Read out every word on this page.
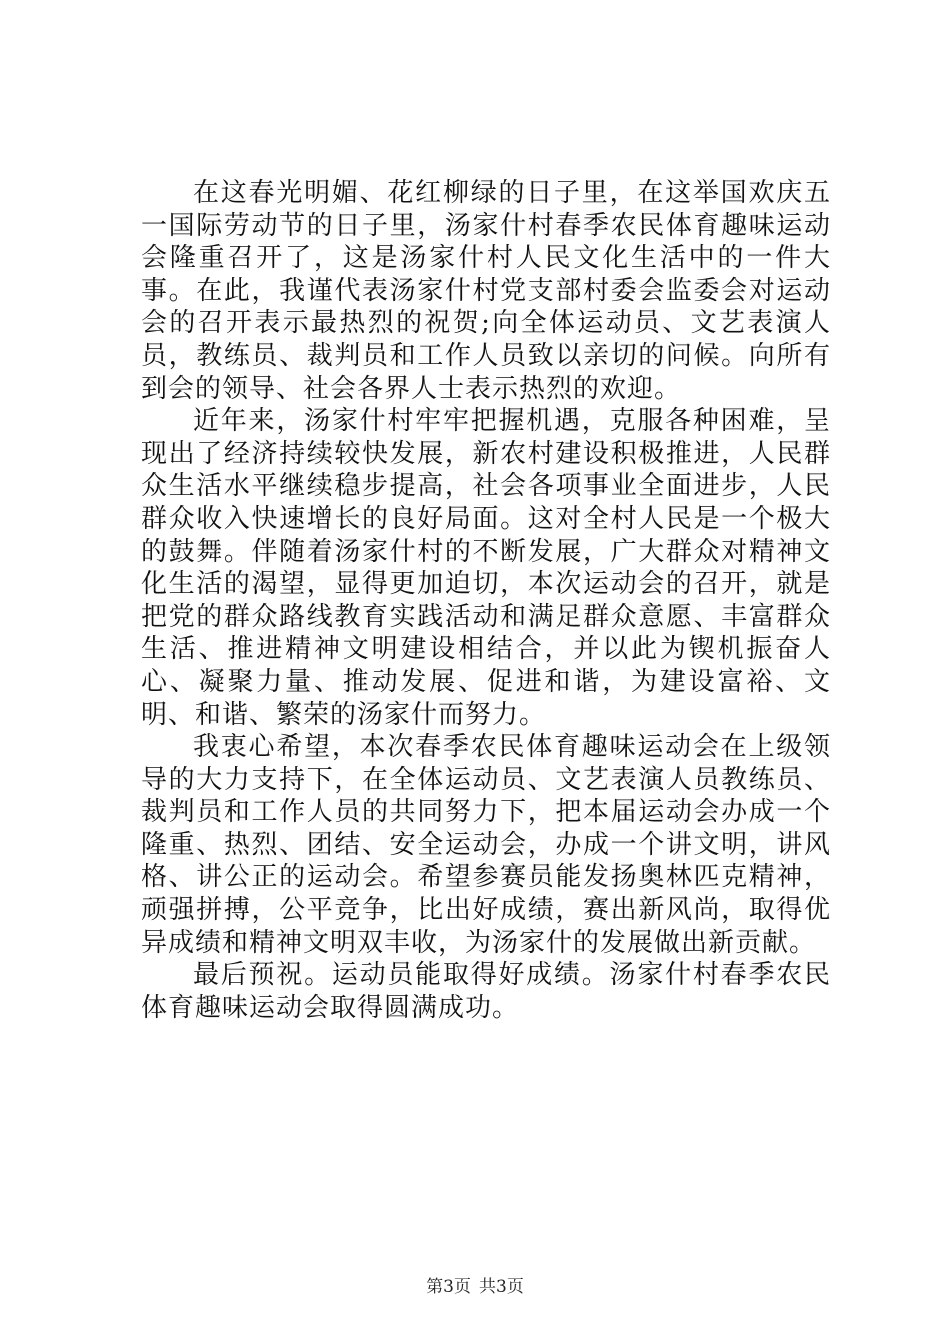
在这春光明媚、花红柳绿的日子里，在这举国欢庆五一国际劳动节的日子里，汤家什村春季农民体育趣味运动会隆重召开了，这是汤家什村人民文化生活中的一件大事。在此，我谨代表汤家什村党支部村委会监委会对运动会的召开表示最热烈的祝贺;向全体运动员、文艺表演人员，教练员、裁判员和工作人员致以亲切的问候。向所有到会的领导、社会各界人士表示热烈的欢迎。

近年来，汤家什村牢牢把握机遇，克服各种困难，呈现出了经济持续较快发展，新农村建设积极推进，人民群众生活水平继续稳步提高，社会各项事业全面进步，人民群众收入快速增长的良好局面。这对全村人民是一个极大的鼓舞。伴随着汤家什村的不断发展，广大群众对精神文化生活的渴望，显得更加迫切，本次运动会的召开，就是把党的群众路线教育实践活动和满足群众意愿、丰富群众生活、推进精神文明建设相结合，并以此为锲机振奋人心、凝聚力量、推动发展、促进和谐，为建设富裕、文明、和谐、繁荣的汤家什而努力。

我衷心希望，本次春季农民体育趣味运动会在上级领导的大力支持下，在全体运动员、文艺表演人员教练员、裁判员和工作人员的共同努力下，把本届运动会办成一个隆重、热烈、团结、安全运动会，办成一个讲文明，讲风格、讲公正的运动会。希望参赛员能发扬奥林匹克精神，顽强拼搏，公平竞争，比出好成绩，赛出新风尚，取得优异成绩和精神文明双丰收，为汤家什的发展做出新贡献。

最后预祝。运动员能取得好成绩。汤家什村春季农民体育趣味运动会取得圆满成功。

第3页 共3页
